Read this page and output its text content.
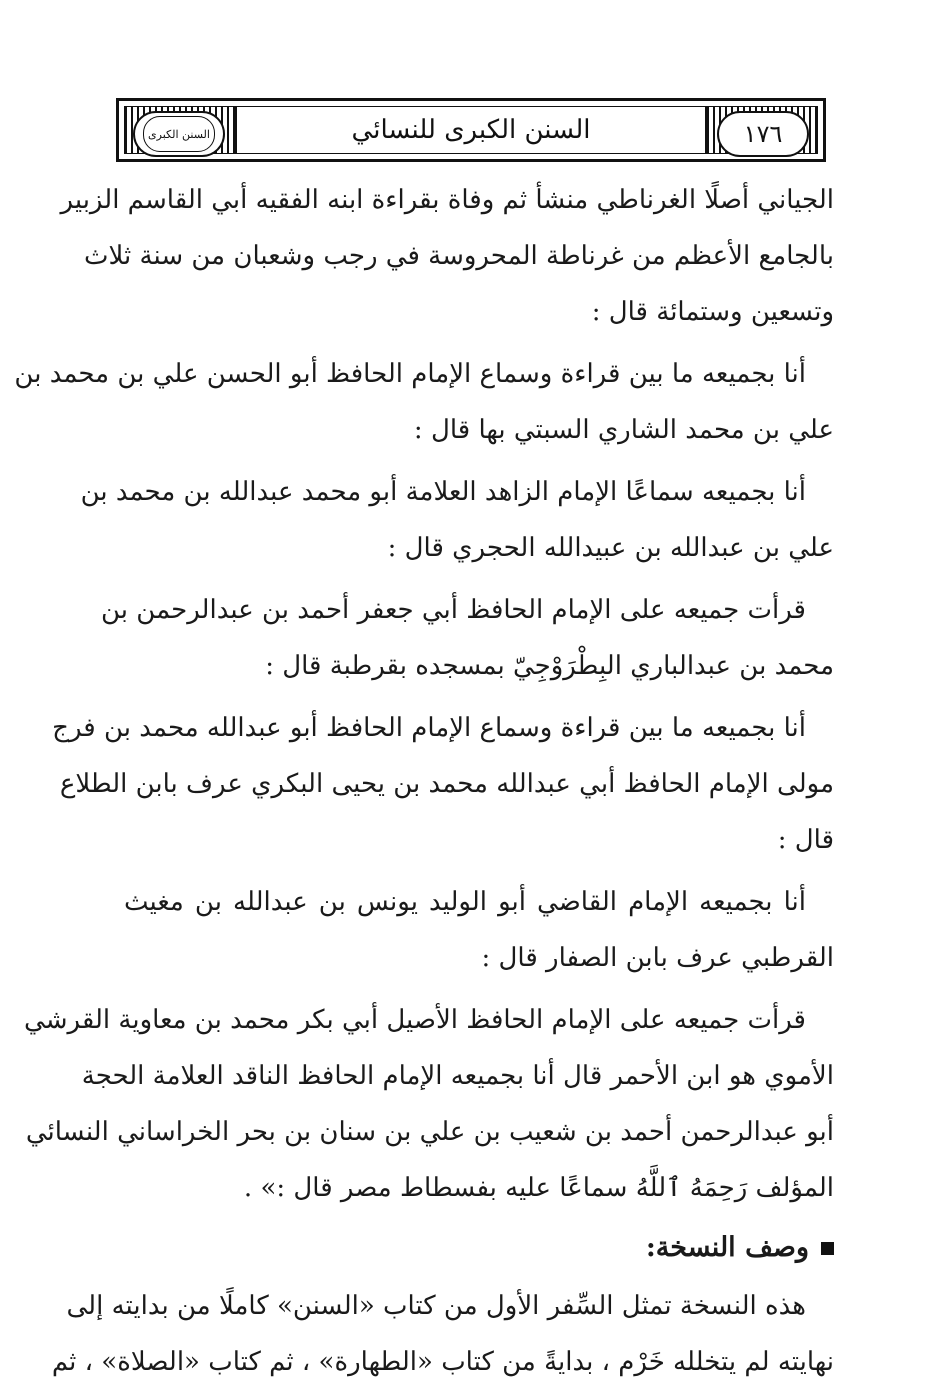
١٧٦
السنن الكبرى للنسائي
السنن الكبرى
الجياني أصلًا الغرناطي منشأ ثم وفاة بقراءة ابنه الفقيه أبي القاسم الزبير
بالجامع الأعظم من غرناطة المحروسة في رجب وشعبان من سنة ثلاث
وتسعين وستمائة قال :
أنا بجميعه ما بين قراءة وسماع الإمام الحافظ أبو الحسن علي بن محمد بن
علي بن محمد الشاري السبتي بها قال :
أنا بجميعه سماعًا الإمام الزاهد العلامة أبو محمد عبدالله بن محمد بن
علي بن عبدالله بن عبيدالله الحجري قال :
قرأت جميعه على الإمام الحافظ أبي جعفر أحمد بن عبدالرحمن بن
محمد بن عبدالباري البِطْرَوْجِيّ بمسجده بقرطبة قال :
أنا بجميعه ما بين قراءة وسماع الإمام الحافظ أبو عبدالله محمد بن فرج
مولى الإمام الحافظ أبي عبدالله محمد بن يحيى البكري عرف بابن الطلاع
قال :
أنا بجميعه الإمام القاضي أبو الوليد يونس بن عبدالله بن مغيث
القرطبي عرف بابن الصفار قال :
قرأت جميعه على الإمام الحافظ الأصيل أبي بكر محمد بن معاوية القرشي
الأموي هو ابن الأحمر قال أنا بجميعه الإمام الحافظ الناقد العلامة الحجة
أبو عبدالرحمن أحمد بن شعيب بن علي بن سنان بن بحر الخراساني النسائي
المؤلف رَحِمَهُ ٱللَّهُ سماعًا عليه بفسطاط مصر قال :» .
وصف النسخة:
هذه النسخة تمثل السِّفر الأول من كتاب «السنن» كاملًا من بدايته إلى
نهايته لم يتخلله خَرْم ، بدايةً من كتاب «الطهارة» ، ثم كتاب «الصلاة» ، ثم
